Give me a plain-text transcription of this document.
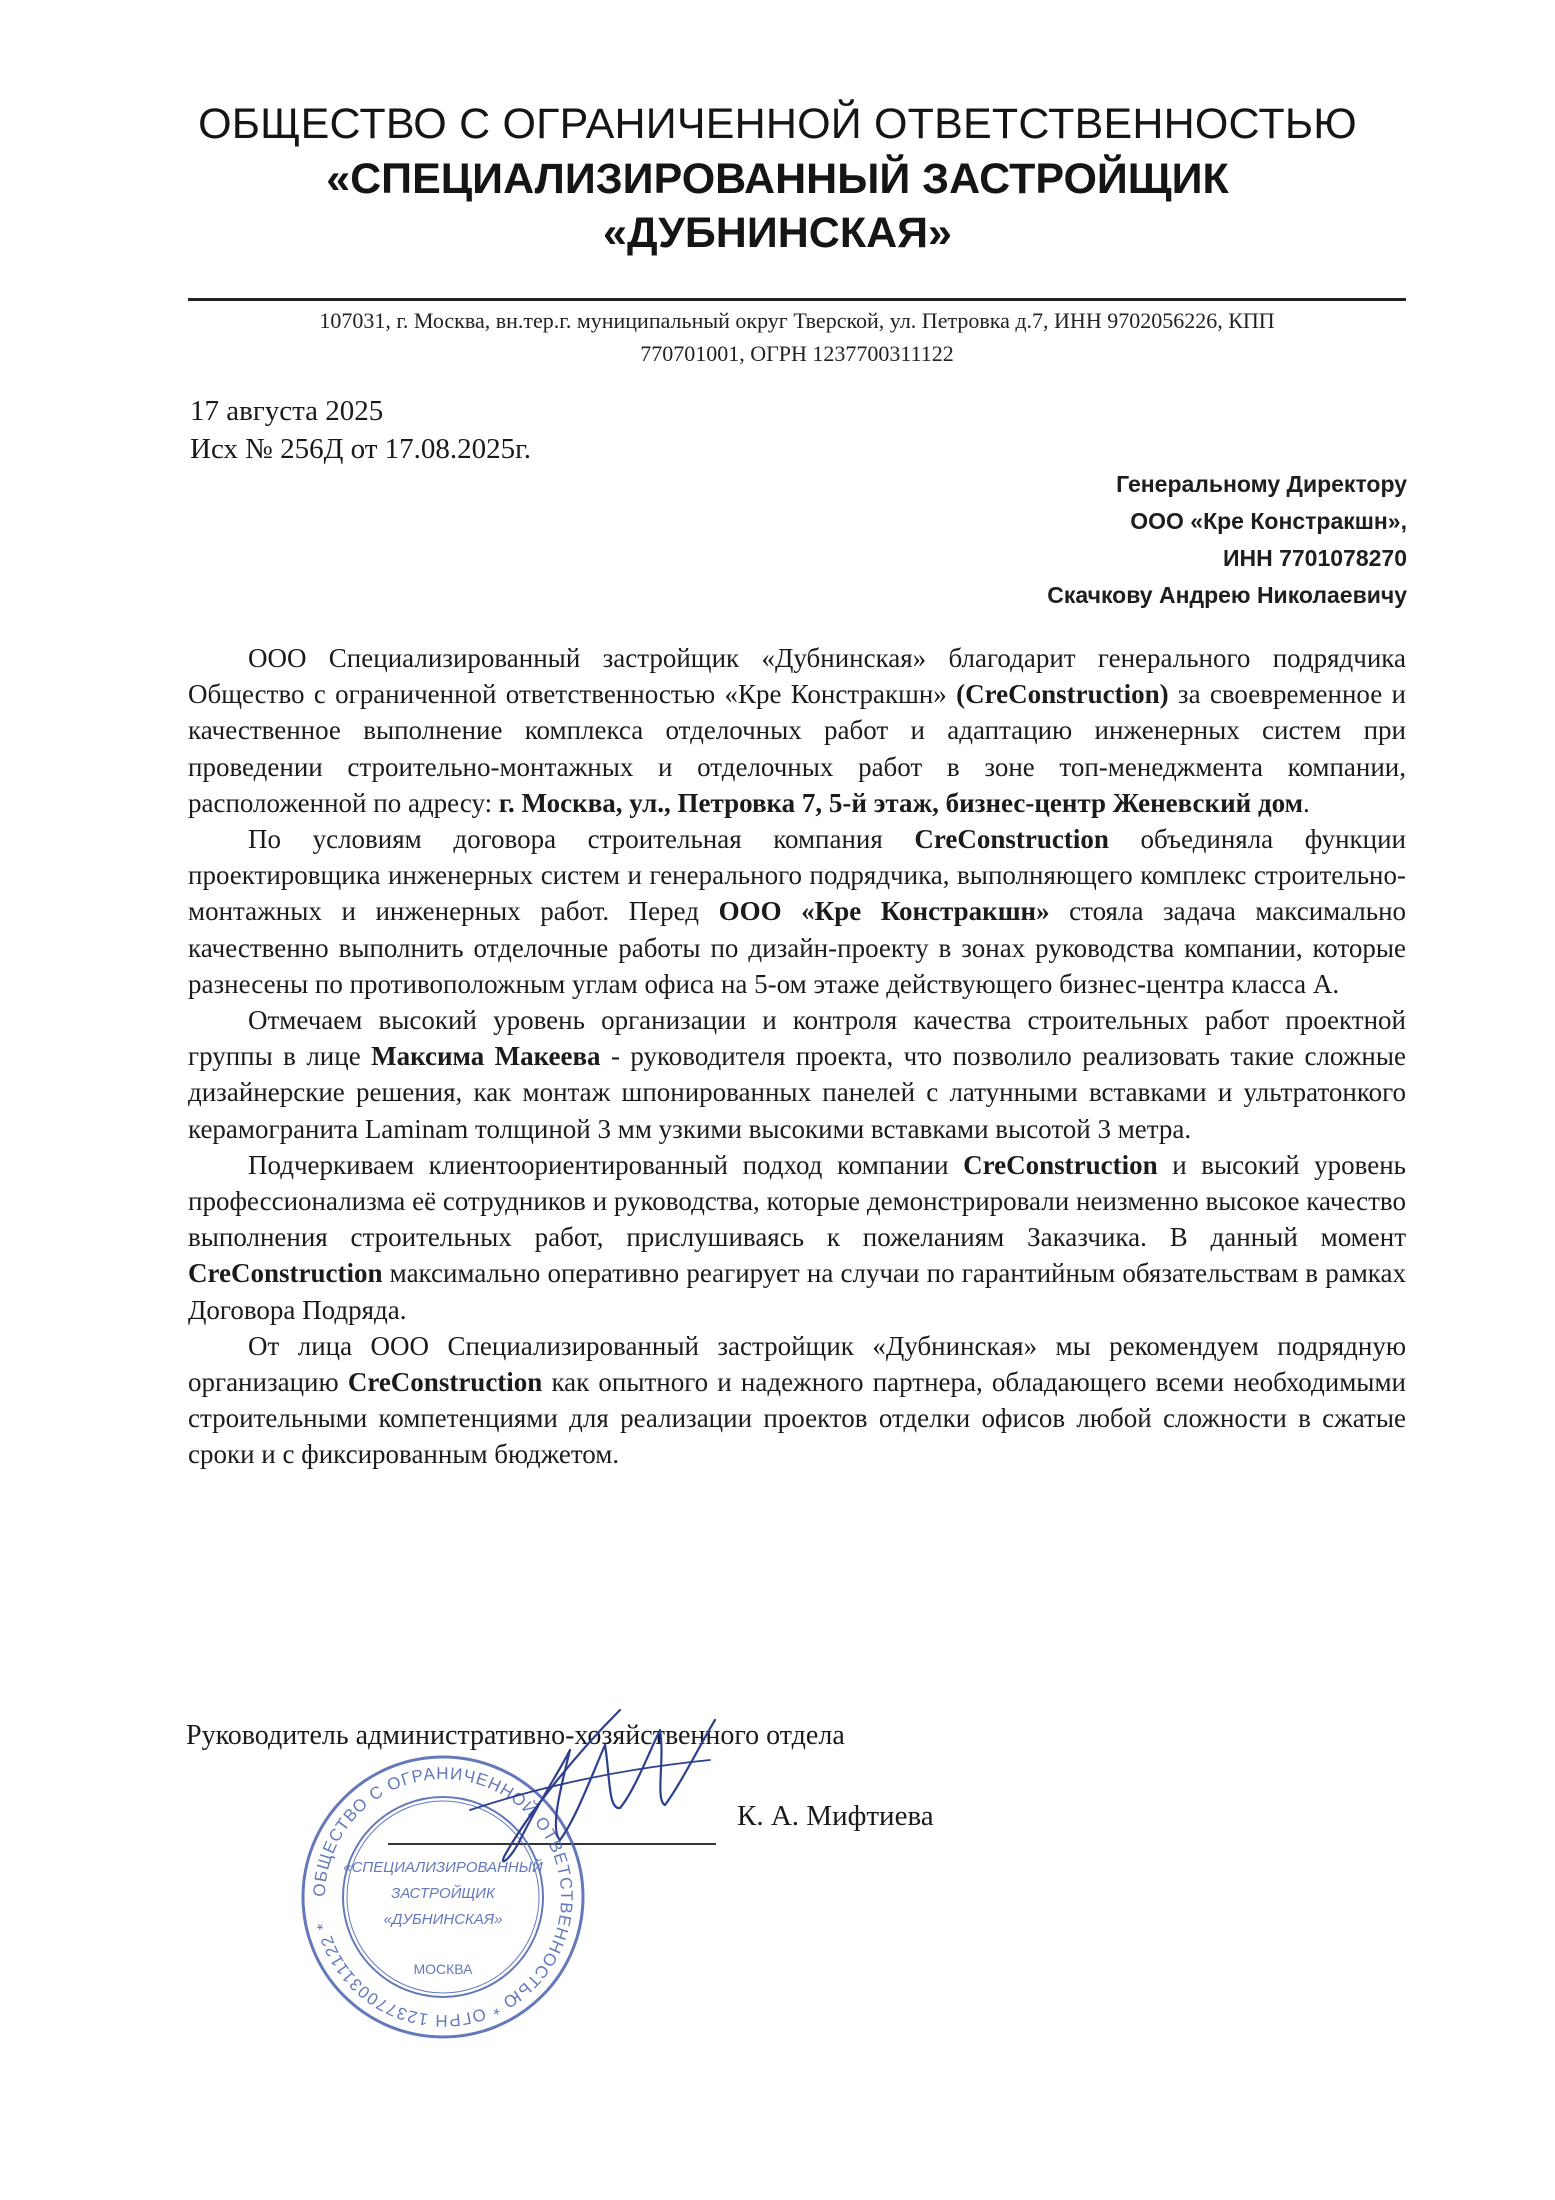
ОБЩЕСТВО С ОГРАНИЧЕННОЙ ОТВЕТСТВЕННОСТЬЮ
«СПЕЦИАЛИЗИРОВАННЫЙ ЗАСТРОЙЩИК
«ДУБНИНСКАЯ»
107031, г. Москва, вн.тер.г. муниципальный округ Тверской, ул. Петровка д.7, ИНН 9702056226, КПП
770701001, ОГРН 1237700311122
17 августа 2025
Исх № 256Д от 17.08.2025г.
Генеральному Директору
ООО «Кре Констракшн»,
ИНН 7701078270
Скачкову Андрею Николаевичу

ООО Специализированный застройщик «Дубнинская» благодарит генерального подрядчика Общество с ограниченной ответственностью «Кре Констракшн» (CreConstruction) за своевременное и качественное выполнение комплекса отделочных работ и адаптацию инженерных систем при проведении строительно-монтажных и отделочных работ в зоне топ-менеджмента компании, расположенной по адресу: г. Москва, ул., Петровка 7, 5-й этаж, бизнес-центр Женевский дом.

По условиям договора строительная компания CreConstruction объединяла функции проектировщика инженерных систем и генерального подрядчика, выполняющего комплекс строительно-монтажных и инженерных работ. Перед ООО «Кре Констракшн» стояла задача максимально качественно выполнить отделочные работы по дизайн-проекту в зонах руководства компании, которые разнесены по противоположным углам офиса на 5-ом этаже действующего бизнес-центра класса А.

Отмечаем высокий уровень организации и контроля качества строительных работ проектной группы в лице Максима Макеева - руководителя проекта, что позволило реализовать такие сложные дизайнерские решения, как монтаж шпонированных панелей с латунными вставками и ультратонкого керамогранита Laminam толщиной 3 мм узкими высокими вставками высотой 3 метра.

Подчеркиваем клиентоориентированный подход компании CreConstruction и высокий уровень профессионализма её сотрудников и руководства, которые демонстрировали неизменно высокое качество выполнения строительных работ, прислушиваясь к пожеланиям Заказчика. В данный момент CreConstruction максимально оперативно реагирует на случаи по гарантийным обязательствам в рамках Договора Подряда.

От лица ООО Специализированный застройщик «Дубнинская» мы рекомендуем подрядную организацию CreConstruction как опытного и надежного партнера, обладающего всеми необходимыми строительными компетенциями для реализации проектов отделки офисов любой сложности в сжатые сроки и с фиксированным бюджетом.

Руководитель административно-хозяйственного отдела
К. А. Мифтиева
ОБЩЕСТВО С ОГРАНИЧЕННОЙ ОТВЕТСТВЕННОСТЬЮ * ОГРН 1237700311122 *
«СПЕЦИАЛИЗИРОВАННЫЙ
ЗАСТРОЙЩИК
«ДУБНИНСКАЯ»
МОСКВА
